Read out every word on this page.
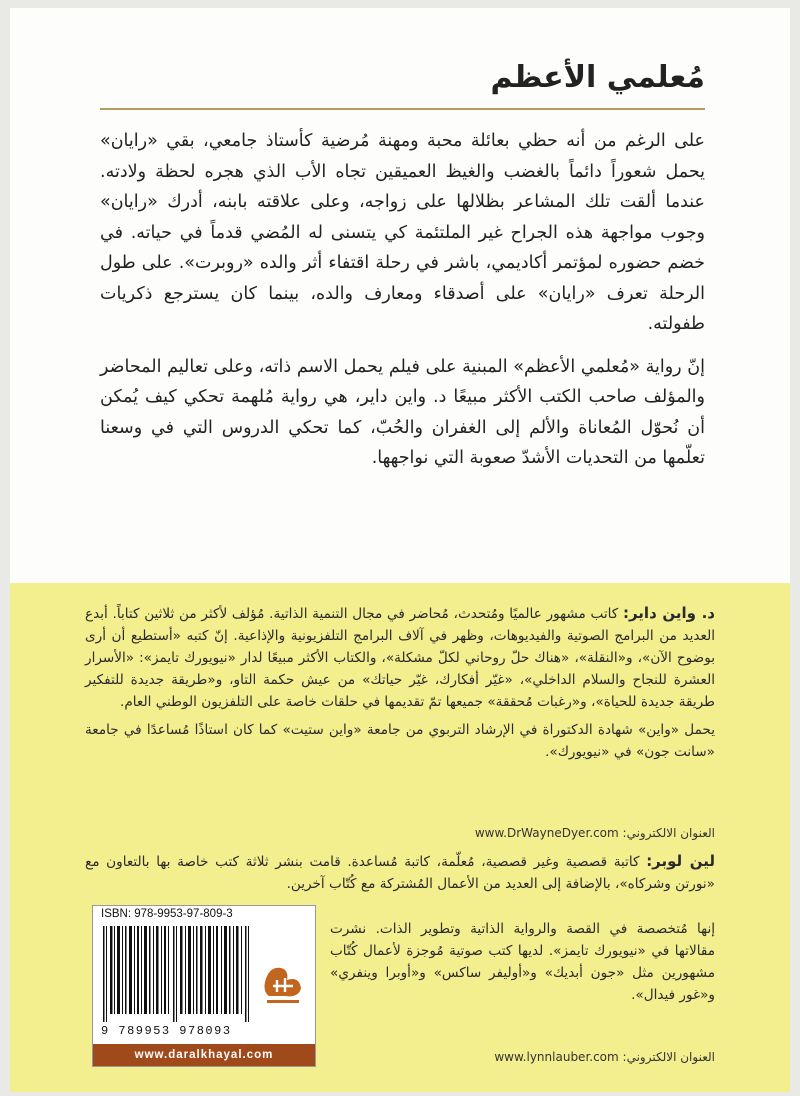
مُعلمي الأعظم

على الرغم من أنه حظي بعائلة محبة ومهنة مُرضية كأستاذ جامعي، بقي «رايان» يحمل شعوراً دائماً بالغضب والغيظ العميقين تجاه الأب الذي هجره لحظة ولادته. عندما ألقت تلك المشاعر بظلالها على زواجه، وعلى علاقته بابنه، أدرك «رايان» وجوب مواجهة هذه الجراح غير الملتئمة كي يتسنى له المُضي قدماً في حياته. في خضم حضوره لمؤتمر أكاديمي، باشر في رحلة اقتفاء أثر والده «روبرت». على طول الرحلة تعرف «رايان» على أصدقاء ومعارف والده، بينما كان يسترجع ذكريات طفولته.

إنّ رواية «مُعلمي الأعظم» المبنية على فيلم يحمل الاسم ذاته، وعلى تعاليم المحاضر والمؤلف صاحب الكتب الأكثر مبيعًا د. واين داير، هي رواية مُلهمة تحكي كيف يُمكن أن نُحوّل المُعاناة والألم إلى الغفران والحُبّ، كما تحكي الدروس التي في وسعنا تعلّمها من التحديات الأشدّ صعوبة التي نواجهها.

د. واين داير: كاتب مشهور عالميًا ومُتحدث، مُحاضر في مجال التنمية الذاتية. مُؤلف لأكثر من ثلاثين كتاباً. أبدع العديد من البرامج الصوتية والفيديوهات، وظهر في آلاف البرامج التلفزيونية والإذاعية. إنّ كتبه «أستطيع أن أرى بوضوح الآن»، و«النقلة»، «هناك حلّ روحاني لكلّ مشكلة»، والكتاب الأكثر مبيعًا لدار «نيويورك تايمز»: «الأسرار العشرة للنجاح والسلام الداخلي»، «غيّر أفكارك، غيّر حياتك» من عيش حكمة التاو، و«طريقة جديدة للتفكير طريقة جديدة للحياة»، و«رغبات مُحققة» جميعها تمّ تقديمها في حلقات خاصة على التلفزيون الوطني العام.

يحمل «واين» شهادة الدكتوراة في الإرشاد التربوي من جامعة «واين ستيت» كما كان استاذًا مُساعدًا في جامعة «سانت جون» في «نيويورك».

العنوان الالكتروني: www.DrWayneDyer.com

لين لوبر: كاتبة قصصية وغير قصصية، مُعلّمة، كاتبة مُساعدة. قامت بنشر ثلاثة كتب خاصة بها بالتعاون مع «نورتن وشركاه»، بالإضافة إلى العديد من الأعمال المُشتركة مع كُتّاب آخرين.

إنها مُتخصصة في القصة والرواية الذاتية وتطوير الذات. نشرت مقالاتها في «نيويورك تايمز». لديها كتب صوتية مُوجزة لأعمال كُتّاب مشهورين مثل «جون أبديك» و«أوليفر ساكس» و«أوبرا وينفري» و«غور فيدال».

العنوان الالكتروني: www.lynnlauber.com
ISBN: 978-9953-97-809-3
9 789953 978093
www.daralkhayal.com
